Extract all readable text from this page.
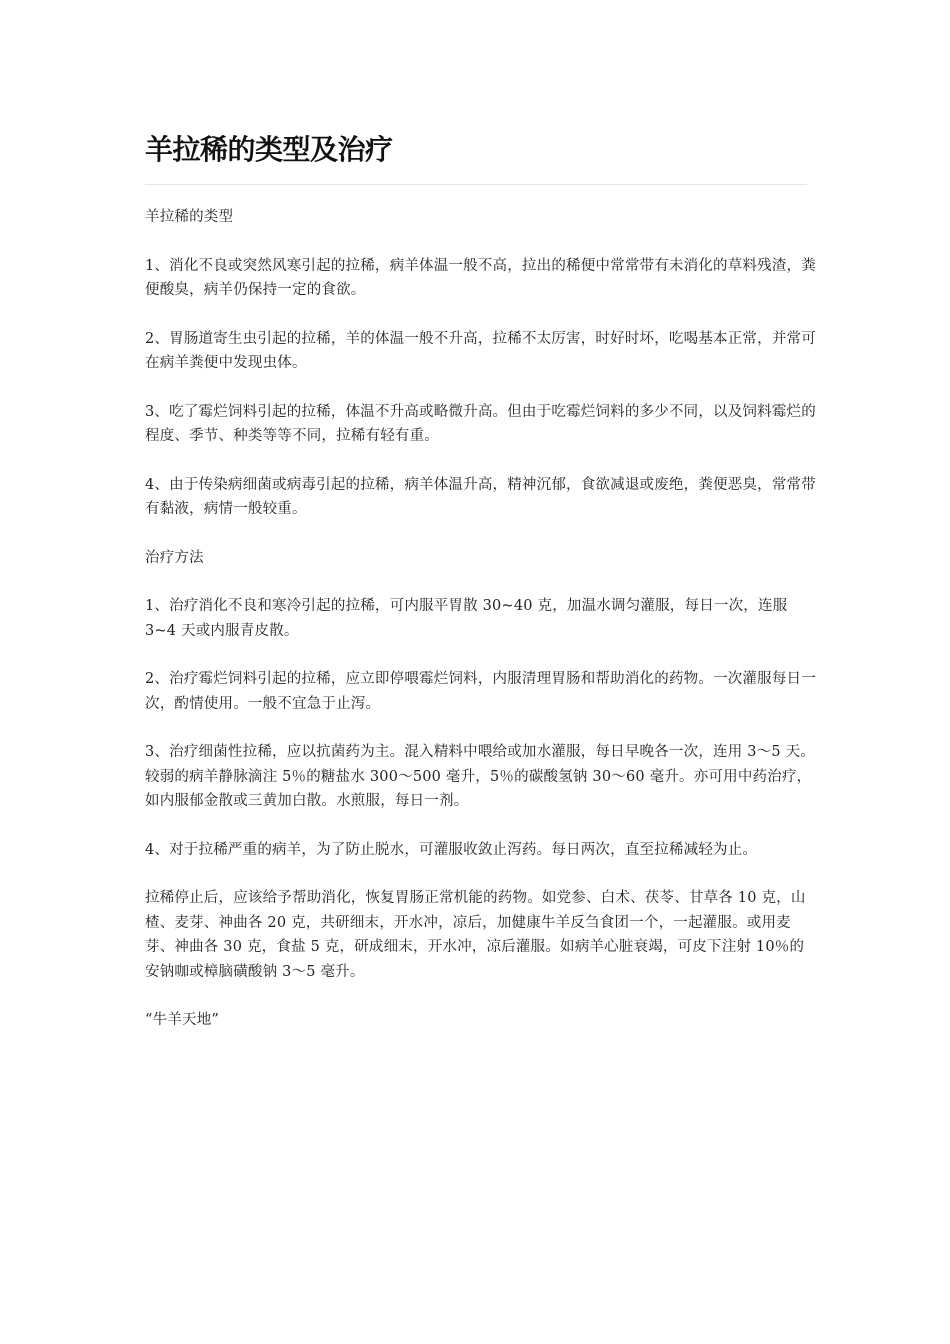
羊拉稀的类型及治疗

羊拉稀的类型

1、消化不良或突然风寒引起的拉稀，病羊体温一般不高，拉出的稀便中常常带有未消化的草料残渣，粪便酸臭，病羊仍保持一定的食欲。

2、胃肠道寄生虫引起的拉稀，羊的体温一般不升高，拉稀不太厉害，时好时坏，吃喝基本正常，并常可在病羊粪便中发现虫体。

3、吃了霉烂饲料引起的拉稀，体温不升高或略微升高。但由于吃霉烂饲料的多少不同，以及饲料霉烂的程度、季节、种类等等不同，拉稀有轻有重。

4、由于传染病细菌或病毒引起的拉稀，病羊体温升高，精神沉郁，食欲减退或废绝，粪便恶臭，常常带有黏液，病情一般较重。

治疗方法

1、治疗消化不良和寒冷引起的拉稀，可内服平胃散 30~40 克，加温水调匀灌服，每日一次，连服 3~4 天或内服青皮散。

2、治疗霉烂饲料引起的拉稀，应立即停喂霉烂饲料，内服清理胃肠和帮助消化的药物。一次灌服每日一次，酌情使用。一般不宜急于止泻。

3、治疗细菌性拉稀，应以抗菌药为主。混入精料中喂给或加水灌服，每日早晚各一次，连用 3～5 天。较弱的病羊静脉滴注 5％的糖盐水 300～500 毫升，5％的碳酸氢钠 30～60 毫升。亦可用中药治疗，如内服郁金散或三黄加白散。水煎服，每日一剂。

4、对于拉稀严重的病羊，为了防止脱水，可灌服收敛止泻药。每日两次，直至拉稀减轻为止。

拉稀停止后，应该给予帮助消化，恢复胃肠正常机能的药物。如党参、白术、茯苓、甘草各 10 克，山楂、麦芽、神曲各 20 克，共研细末，开水冲，凉后，加健康牛羊反刍食团一个，一起灌服。或用麦芽、神曲各 30 克，食盐 5 克，研成细末，开水冲，凉后灌服。如病羊心脏衰竭，可皮下注射 10％的安钠咖或樟脑磺酸钠 3～5 毫升。

“牛羊天地”
